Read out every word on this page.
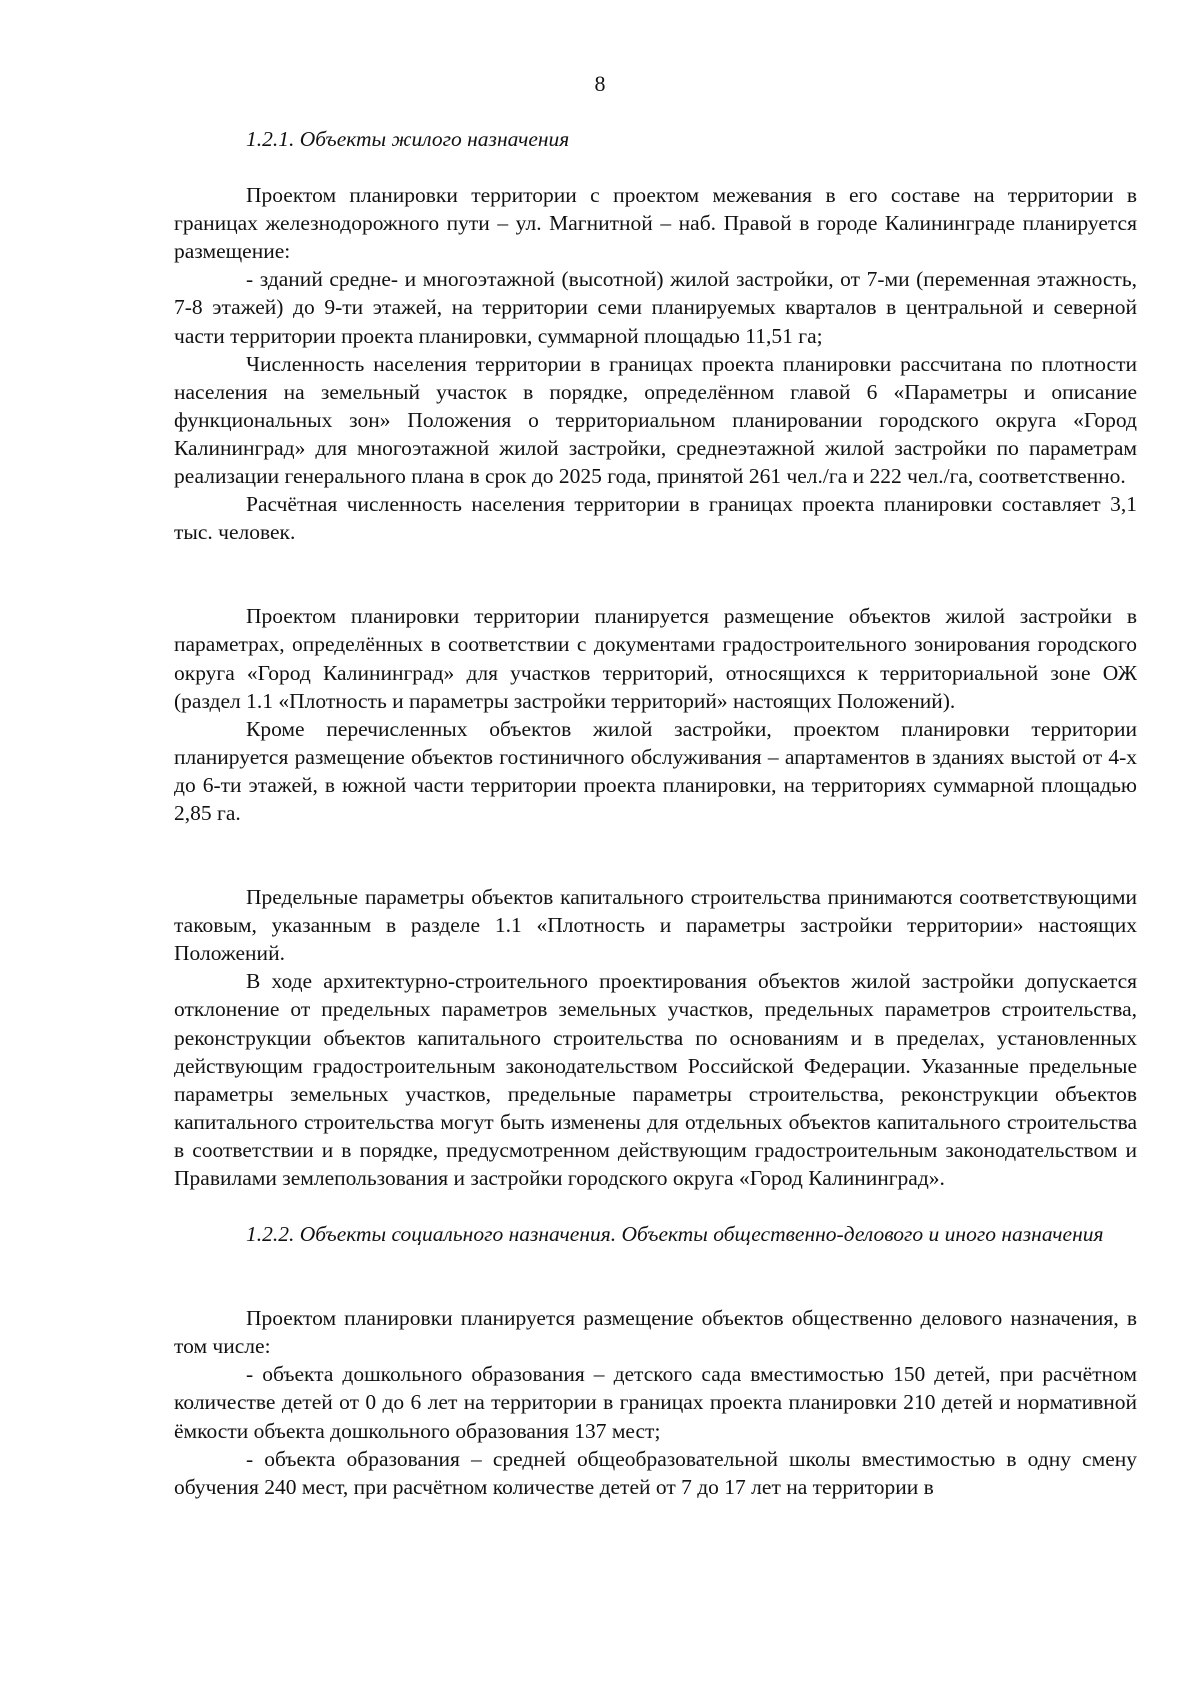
8
1.2.1. Объекты жилого назначения

Проектом планировки территории с проектом межевания в его составе на территории в границах железнодорожного пути – ул. Магнитной – наб. Правой в городе Калининграде планируется размещение:

- зданий средне- и многоэтажной (высотной) жилой застройки, от 7-ми (переменная этажность, 7-8 этажей) до 9-ти этажей, на территории семи планируемых кварталов в центральной и северной части территории проекта планировки, суммарной площадью 11,51 га;

Численность населения территории в границах проекта планировки рассчитана по плотности населения на земельный участок в порядке, определённом главой 6 «Параметры и описание функциональных зон» Положения о территориальном планировании городского округа «Город Калининград» для многоэтажной жилой застройки, среднеэтажной жилой застройки по параметрам реализации генерального плана в срок до 2025 года, принятой 261 чел./га и 222 чел./га, соответственно.

Расчётная численность населения территории в границах проекта планировки составляет 3,1 тыс. человек.

Проектом планировки территории планируется размещение объектов жилой застройки в параметрах, определённых в соответствии с документами градостроительного зонирования городского округа «Город Калининград» для участков территорий, относящихся к территориальной зоне ОЖ (раздел 1.1 «Плотность и параметры застройки территорий» настоящих Положений).

Кроме перечисленных объектов жилой застройки, проектом планировки территории планируется размещение объектов гостиничного обслуживания – апартаментов в зданиях выстой от 4-х до 6-ти этажей, в южной части территории проекта планировки, на территориях суммарной площадью 2,85 га.

Предельные параметры объектов капитального строительства принимаются соответствующими таковым, указанным в разделе 1.1 «Плотность и параметры застройки территории» настоящих Положений.

В ходе архитектурно-строительного проектирования объектов жилой застройки допускается отклонение от предельных параметров земельных участков, предельных параметров строительства, реконструкции объектов капитального строительства по основаниям и в пределах, установленных действующим градостроительным законодательством Российской Федерации. Указанные предельные параметры земельных участков, предельные параметры строительства, реконструкции объектов капитального строительства могут быть изменены для отдельных объектов капитального строительства в соответствии и в порядке, предусмотренном действующим градостроительным законодательством и Правилами землепользования и застройки городского округа «Город Калининград».

1.2.2. Объекты социального назначения. Объекты общественно-делового и иного назначения

Проектом планировки планируется размещение объектов общественно делового назначения, в том числе:

- объекта дошкольного образования – детского сада вместимостью 150 детей, при расчётном количестве детей от 0 до 6 лет на территории в границах проекта планировки 210 детей и нормативной ёмкости объекта дошкольного образования 137 мест;

- объекта образования – средней общеобразовательной школы вместимостью в одну смену обучения 240 мест, при расчётном количестве детей от 7 до 17 лет на территории в
